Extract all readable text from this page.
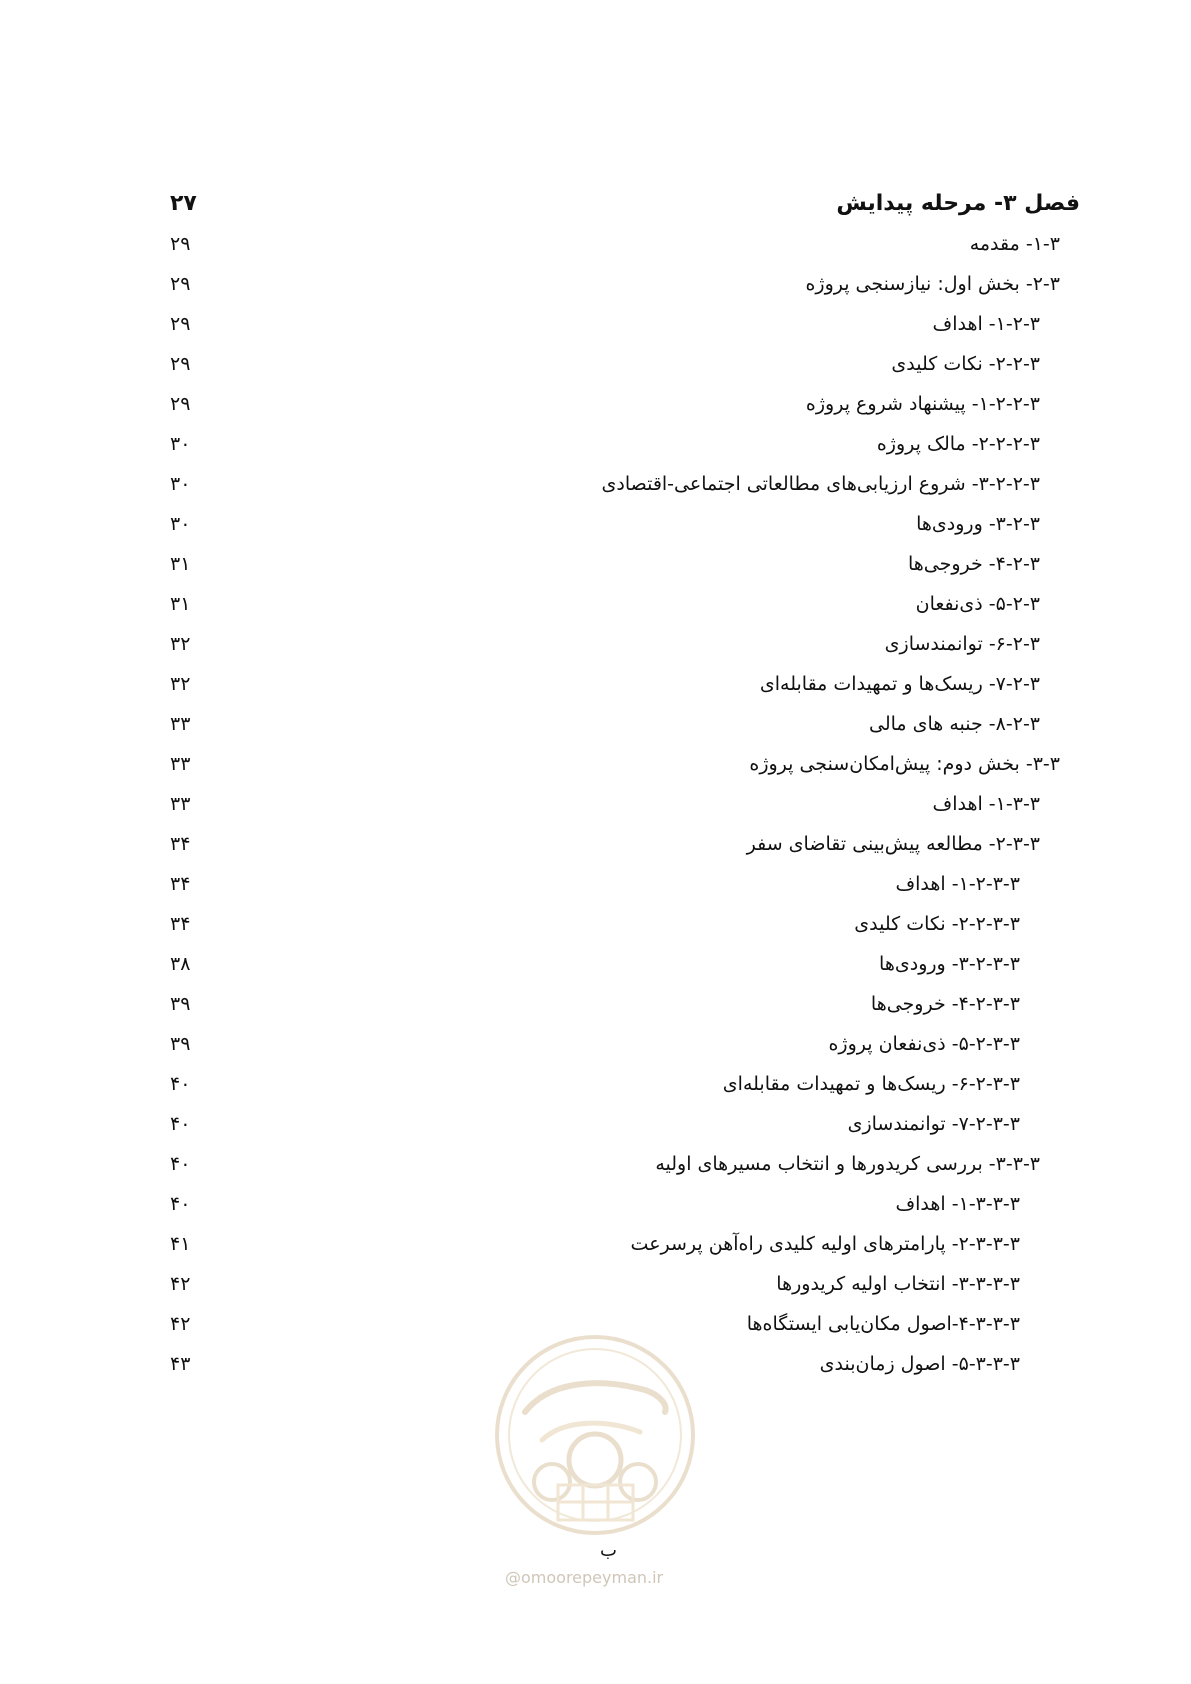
فصل ۳- مرحله پیدایش
۲۷
۱-۳- مقدمه
۲۹
۲-۳- بخش اول: نیازسنجی پروژه
۲۹
۱-۲-۳- اهداف
۲۹
۲-۲-۳- نکات کلیدی
۲۹
۱-۲-۲-۳- پیشنهاد شروع پروژه
۲۹
۲-۲-۲-۳- مالک پروژه
۳۰
۳-۲-۲-۳- شروع ارزیابی‌های مطالعاتی اجتماعی-اقتصادی
۳۰
۳-۲-۳- ورودی‌ها
۳۰
۴-۲-۳- خروجی‌ها
۳۱
۵-۲-۳- ذی‌نفعان
۳۱
۶-۲-۳- توانمندسازی
۳۲
۷-۲-۳- ریسک‌ها و تمهیدات مقابله‌ای
۳۲
۸-۲-۳- جنبه های مالی
۳۳
۳-۳- بخش دوم: پیش‌امکان‌سنجی پروژه
۳۳
۱-۳-۳- اهداف
۳۳
۲-۳-۳- مطالعه پیش‌بینی تقاضای سفر
۳۴
۱-۲-۳-۳- اهداف
۳۴
۲-۲-۳-۳- نکات کلیدی
۳۴
۳-۲-۳-۳- ورودی‌ها
۳۸
۴-۲-۳-۳- خروجی‌ها
۳۹
۵-۲-۳-۳- ذی‌نفعان پروژه
۳۹
۶-۲-۳-۳- ریسک‌ها و تمهیدات مقابله‌ای
۴۰
۷-۲-۳-۳- توانمندسازی
۴۰
۳-۳-۳- بررسی کریدورها و انتخاب مسیرهای اولیه
۴۰
۱-۳-۳-۳- اهداف
۴۰
۲-۳-۳-۳- پارامترهای اولیه کلیدی راه‌آهن پرسرعت
۴۱
۳-۳-۳-۳- انتخاب اولیه کریدورها
۴۲
۴-۳-۳-۳-اصول مکان‌یابی ایستگاه‌ها
۴۲
۵-۳-۳-۳- اصول زمان‌بندی
۴۳
ب
@omoorepeyman.ir
